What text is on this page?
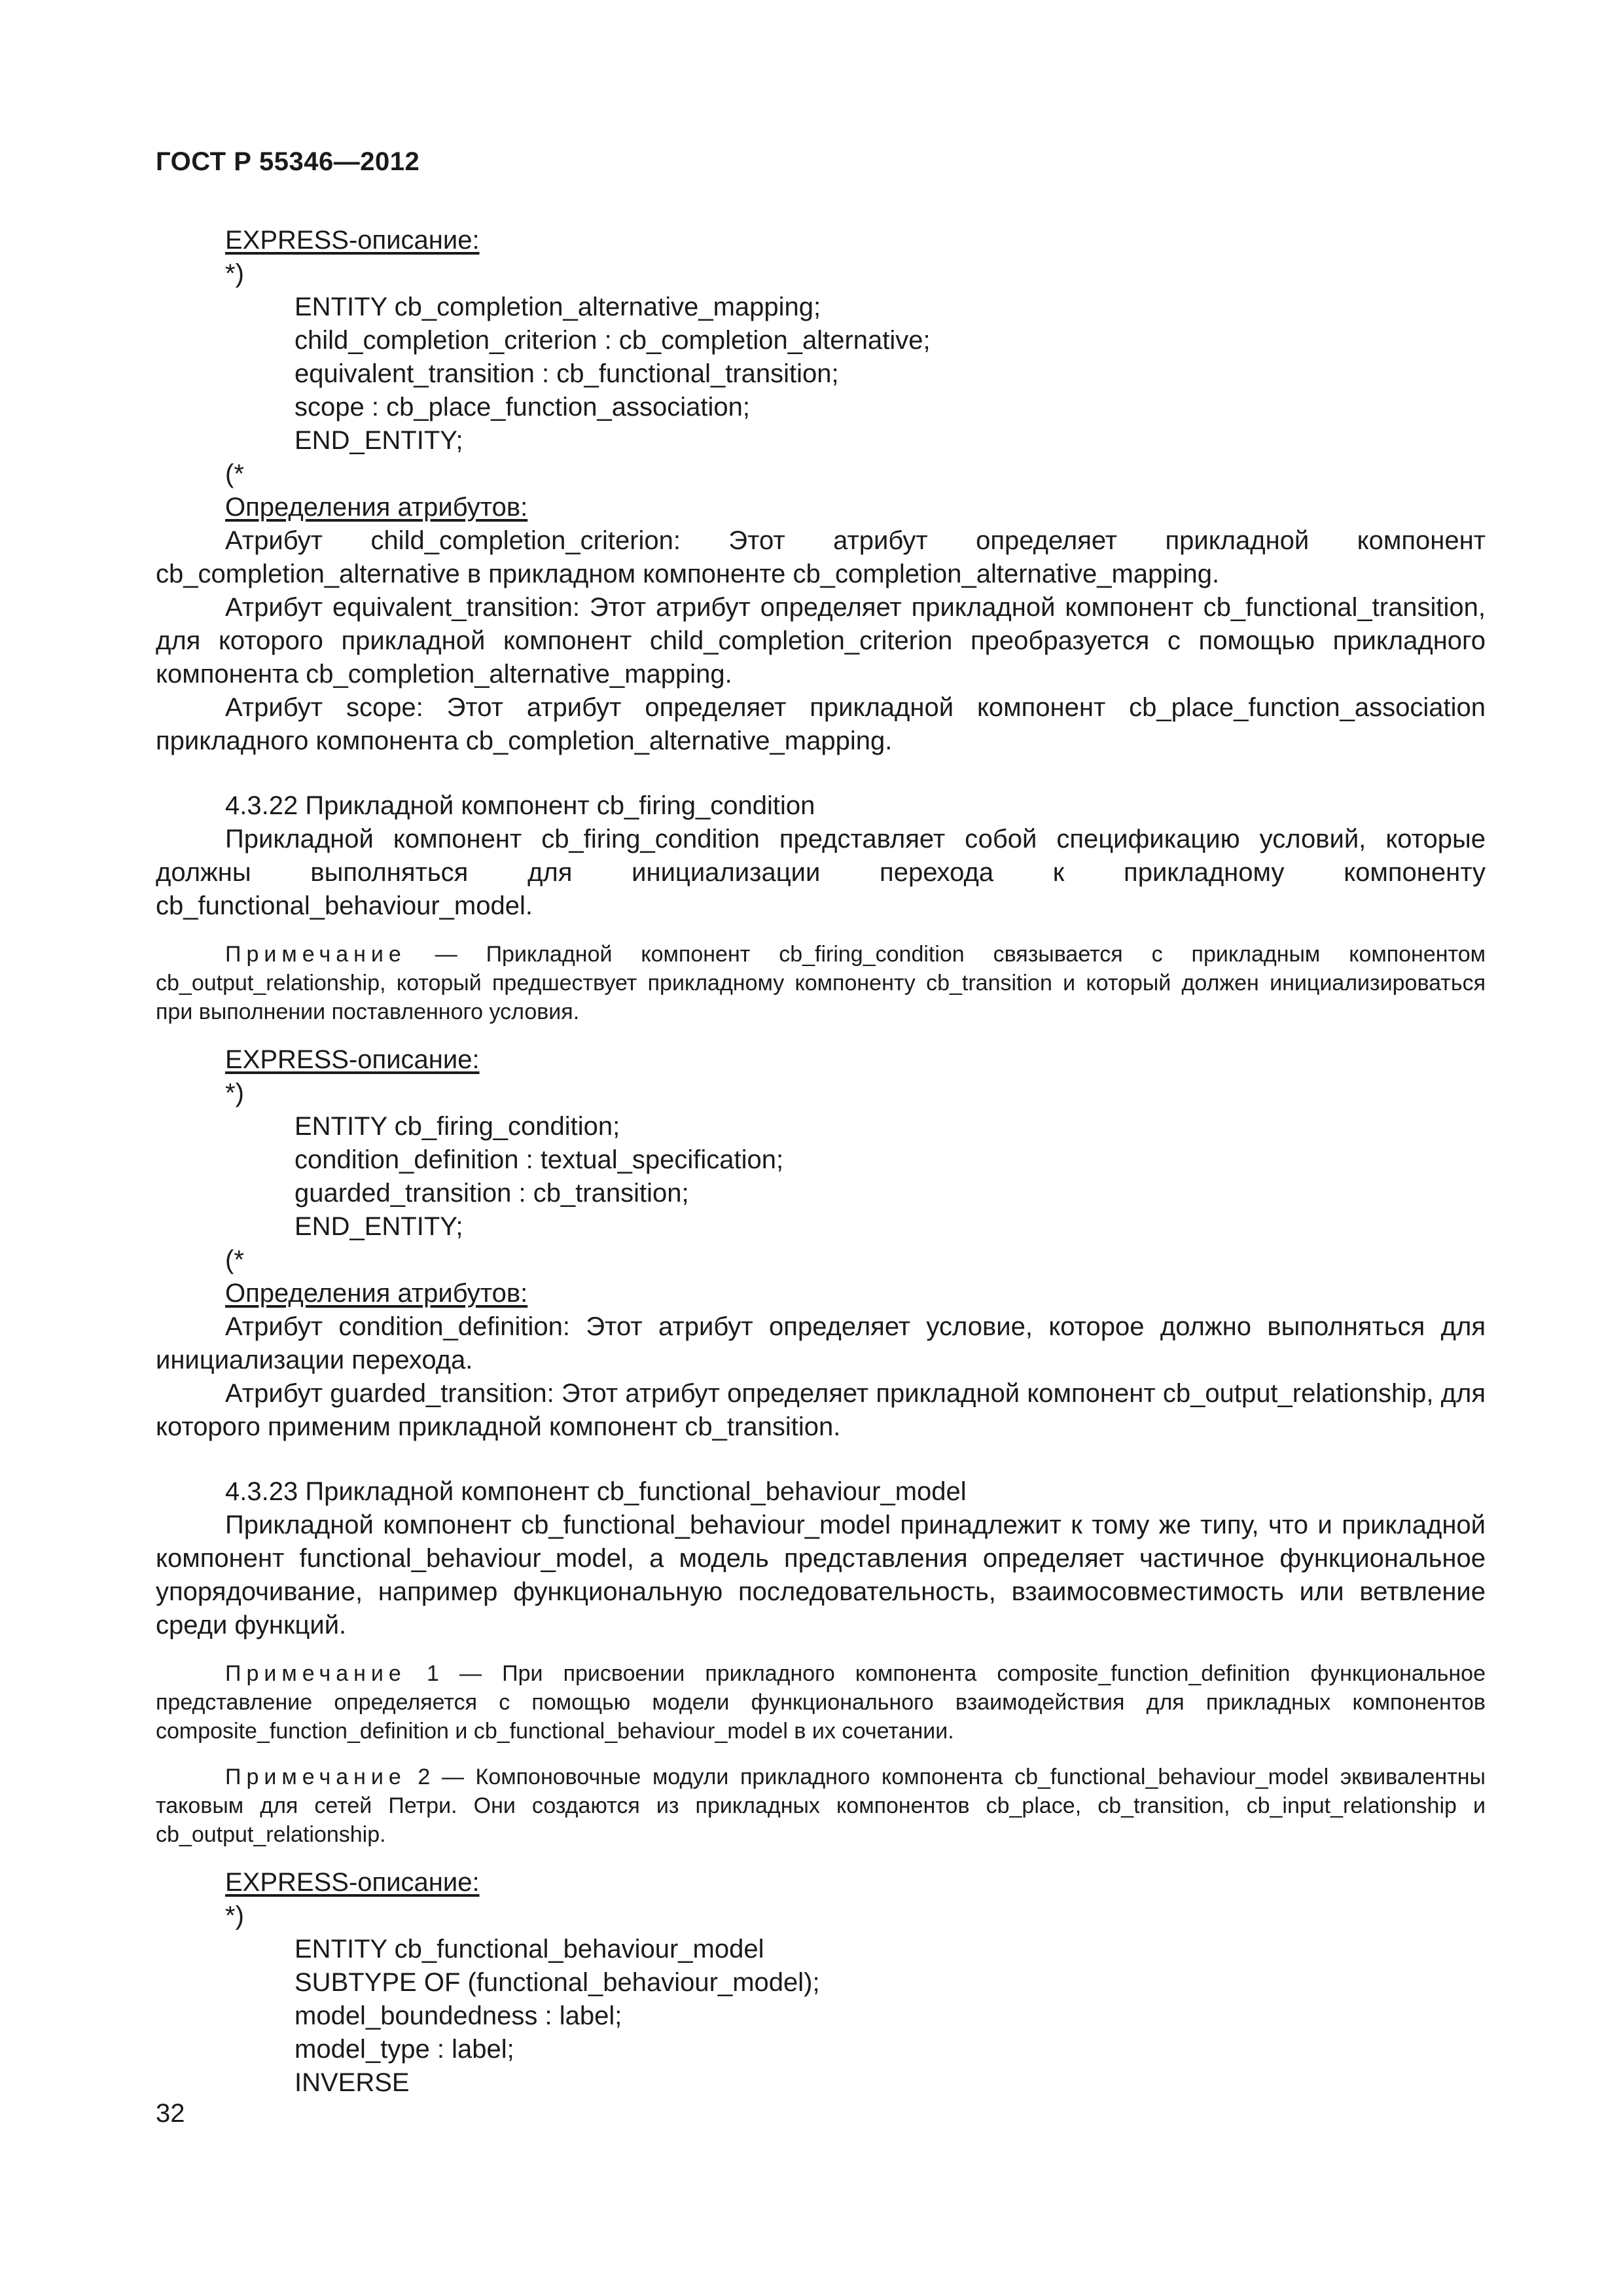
ГОСТ Р 55346—2012
EXPRESS-описание:
*)
ENTITY cb_completion_alternative_mapping;
child_completion_criterion : cb_completion_alternative;
equivalent_transition : cb_functional_transition;
scope : cb_place_function_association;
END_ENTITY;
(*
Определения атрибутов:
Атрибут child_completion_criterion: Этот атрибут определяет прикладной компонент cb_completion_alternative в прикладном компоненте cb_completion_alternative_mapping.
Атрибут equivalent_transition: Этот атрибут определяет прикладной компонент cb_functional_transition, для которого прикладной компонент child_completion_criterion преобразуется с помощью прикладного компонента cb_completion_alternative_mapping.
Атрибут scope: Этот атрибут определяет прикладной компонент cb_place_function_association прикладного компонента cb_completion_alternative_mapping.
4.3.22 Прикладной компонент cb_firing_condition
Прикладной компонент cb_firing_condition представляет собой спецификацию условий, которые должны выполняться для инициализации перехода к прикладному компоненту cb_functional_behaviour_model.
Примечание — Прикладной компонент cb_firing_condition связывается с прикладным компонентом cb_output_relationship, который предшествует прикладному компоненту cb_transition и который должен инициализироваться при выполнении поставленного условия.
EXPRESS-описание:
*)
ENTITY cb_firing_condition;
condition_definition : textual_specification;
guarded_transition : cb_transition;
END_ENTITY;
(*
Определения атрибутов:
Атрибут condition_definition: Этот атрибут определяет условие, которое должно выполняться для инициализации перехода.
Атрибут guarded_transition: Этот атрибут определяет прикладной компонент cb_output_relationship, для которого применим прикладной компонент cb_transition.
4.3.23 Прикладной компонент cb_functional_behaviour_model
Прикладной компонент cb_functional_behaviour_model принадлежит к тому же типу, что и прикладной компонент functional_behaviour_model, а модель представления определяет частичное функциональное упорядочивание, например функциональную последовательность, взаимосовместимость или ветвление среди функций.
Примечание 1 — При присвоении прикладного компонента composite_function_definition функциональное представление определяется с помощью модели функционального взаимодействия для прикладных компонентов composite_function_definition и cb_functional_behaviour_model в их сочетании.
Примечание 2 — Компоновочные модули прикладного компонента cb_functional_behaviour_model эквивалентны таковым для сетей Петри. Они создаются из прикладных компонентов cb_place, cb_transition, cb_input_relationship и cb_output_relationship.
EXPRESS-описание:
*)
ENTITY cb_functional_behaviour_model
SUBTYPE OF (functional_behaviour_model);
model_boundedness : label;
model_type : label;
INVERSE
32
